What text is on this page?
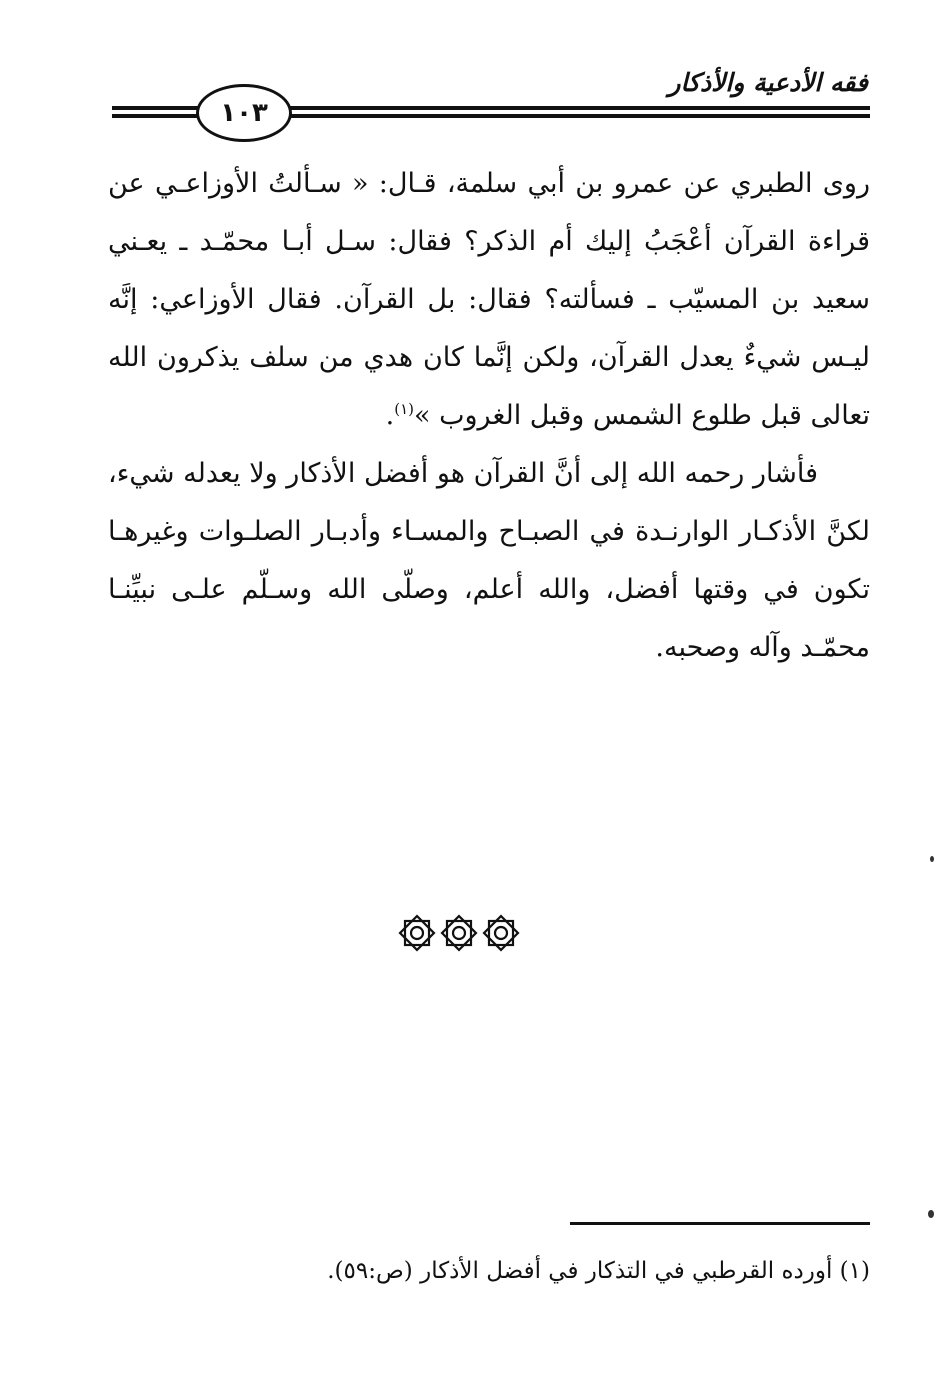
فقه الأدعية والأذكار
١٠٣

روى الطبري عن عمرو بن أبي سلمة، قـال: « سـألتُ الأوزاعـي عن قراءة القرآن أعْجَبُ إليك أم الذكر؟ فقال: سـل أبـا محمّـد ـ يعـني سعيد بن المسيّب ـ فسألته؟ فقال: بل القرآن. فقال الأوزاعي: إنَّه ليـس شيءٌ يعدل القرآن، ولكن إنَّما كان هدي من سلف يذكرون الله تعالى قبل طلوع الشمس وقبل الغروب »$^{(١)}$.

فأشار رحمه الله إلى أنَّ القرآن هو أفضل الأذكار ولا يعدله شيء، لكنَّ الأذكـار الوارنـدة في الصبـاح والمسـاء وأدبـار الصلـوات وغيرهـا تكون في وقتها أفضل، والله أعلم، وصلّى الله وسـلّم علـى نبيِّنـا محمّـد وآله وصحبه.

(١) أورده القرطبي في التذكار في أفضل الأذكار (ص:٥٩).
